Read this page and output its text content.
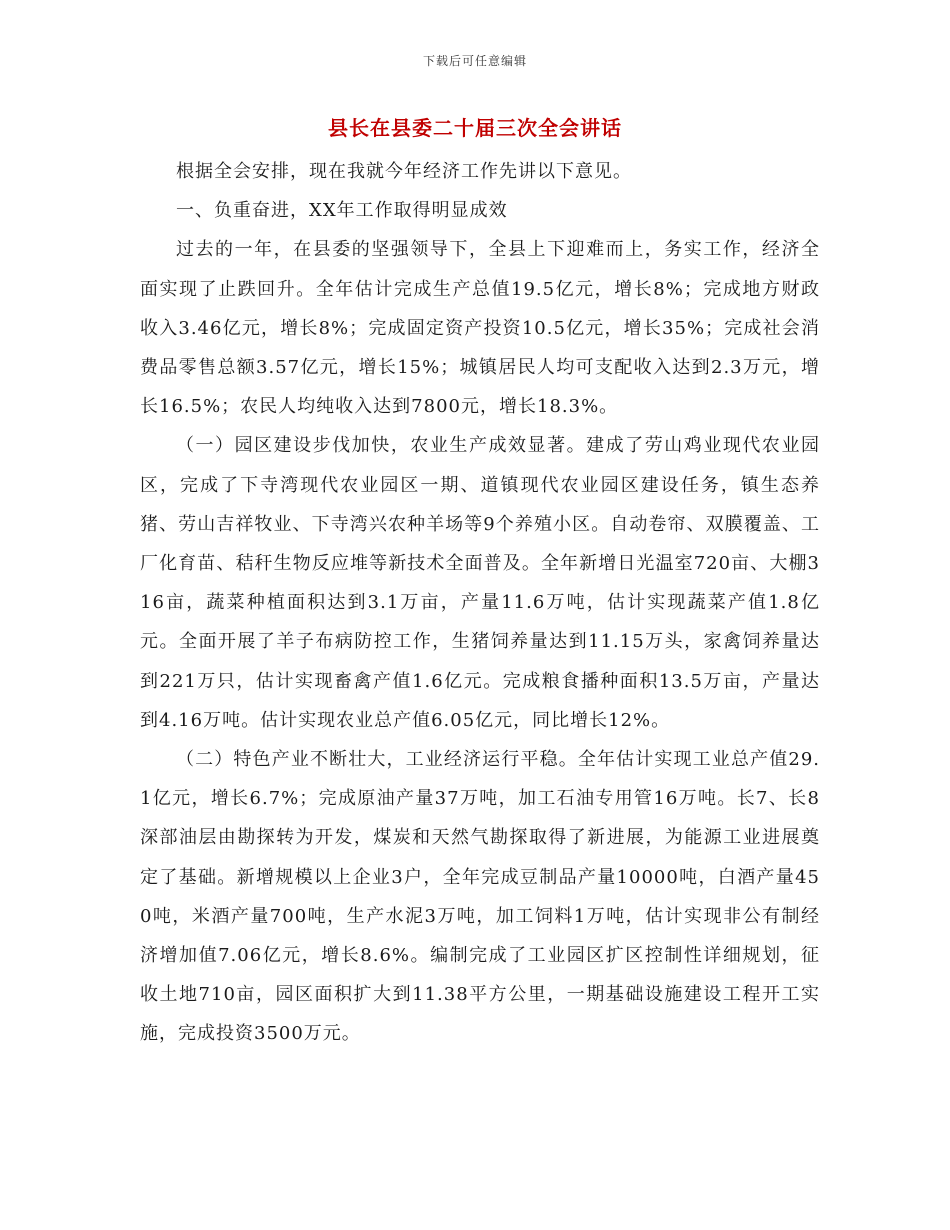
下载后可任意编辑
县长在县委二十届三次全会讲话

根据全会安排，现在我就今年经济工作先讲以下意见。

一、负重奋进，XX年工作取得明显成效

过去的一年，在县委的坚强领导下，全县上下迎难而上，务实工作，经济全面实现了止跌回升。全年估计完成生产总值19.5亿元，增长8%；完成地方财政收入3.46亿元，增长8%；完成固定资产投资10.5亿元，增长35%；完成社会消费品零售总额3.57亿元，增长15%；城镇居民人均可支配收入达到2.3万元，增长16.5%；农民人均纯收入达到7800元，增长18.3%。

（一）园区建设步伐加快，农业生产成效显著。建成了劳山鸡业现代农业园区，完成了下寺湾现代农业园区一期、道镇现代农业园区建设任务，镇生态养猪、劳山吉祥牧业、下寺湾兴农种羊场等9个养殖小区。自动卷帘、双膜覆盖、工厂化育苗、秸秆生物反应堆等新技术全面普及。全年新增日光温室720亩、大棚316亩，蔬菜种植面积达到3.1万亩，产量11.6万吨，估计实现蔬菜产值1.8亿元。全面开展了羊子布病防控工作，生猪饲养量达到11.15万头，家禽饲养量达到221万只，估计实现畜禽产值1.6亿元。完成粮食播种面积13.5万亩，产量达到4.16万吨。估计实现农业总产值6.05亿元，同比增长12%。

（二）特色产业不断壮大，工业经济运行平稳。全年估计实现工业总产值29.1亿元，增长6.7%；完成原油产量37万吨，加工石油专用管16万吨。长7、长8深部油层由勘探转为开发，煤炭和天然气勘探取得了新进展，为能源工业进展奠定了基础。新增规模以上企业3户，全年完成豆制品产量10000吨，白酒产量450吨，米酒产量700吨，生产水泥3万吨，加工饲料1万吨，估计实现非公有制经济增加值7.06亿元，增长8.6%。编制完成了工业园区扩区控制性详细规划，征收土地710亩，园区面积扩大到11.38平方公里，一期基础设施建设工程开工实施，完成投资3500万元。
